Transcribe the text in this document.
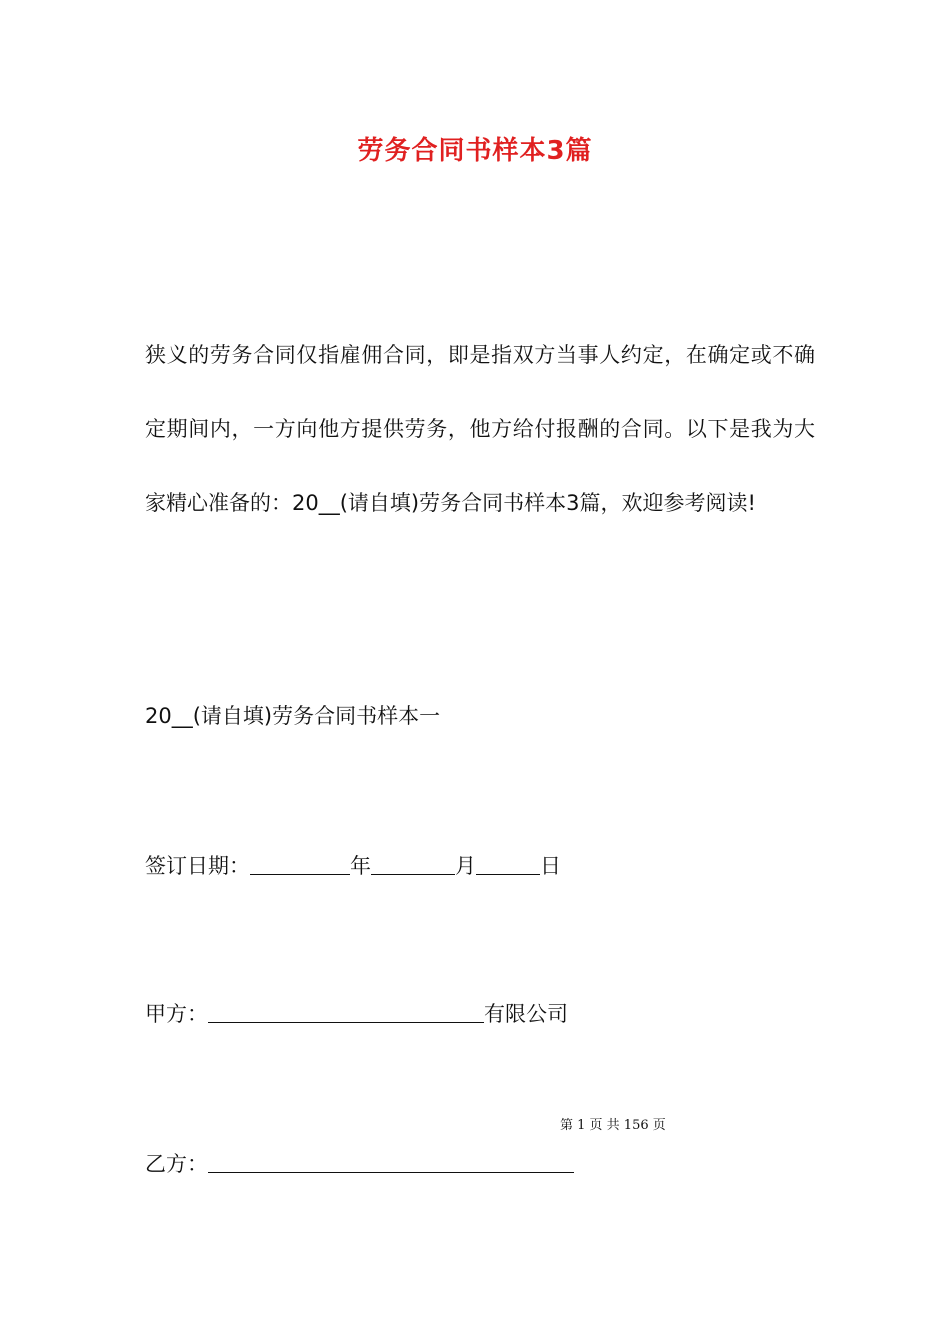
劳务合同书样本3篇

狭义的劳务合同仅指雇佣合同，即是指双方当事人约定，在确定或不确定期间内，一方向他方提供劳务，他方给付报酬的合同。以下是我为大家精心准备的：20__(请自填)劳务合同书样本3篇，欢迎参考阅读!

20__(请自填)劳务合同书样本一

签订日期：	年	月	日

甲方：	有限公司

第 1 页 共 156 页

乙方：
